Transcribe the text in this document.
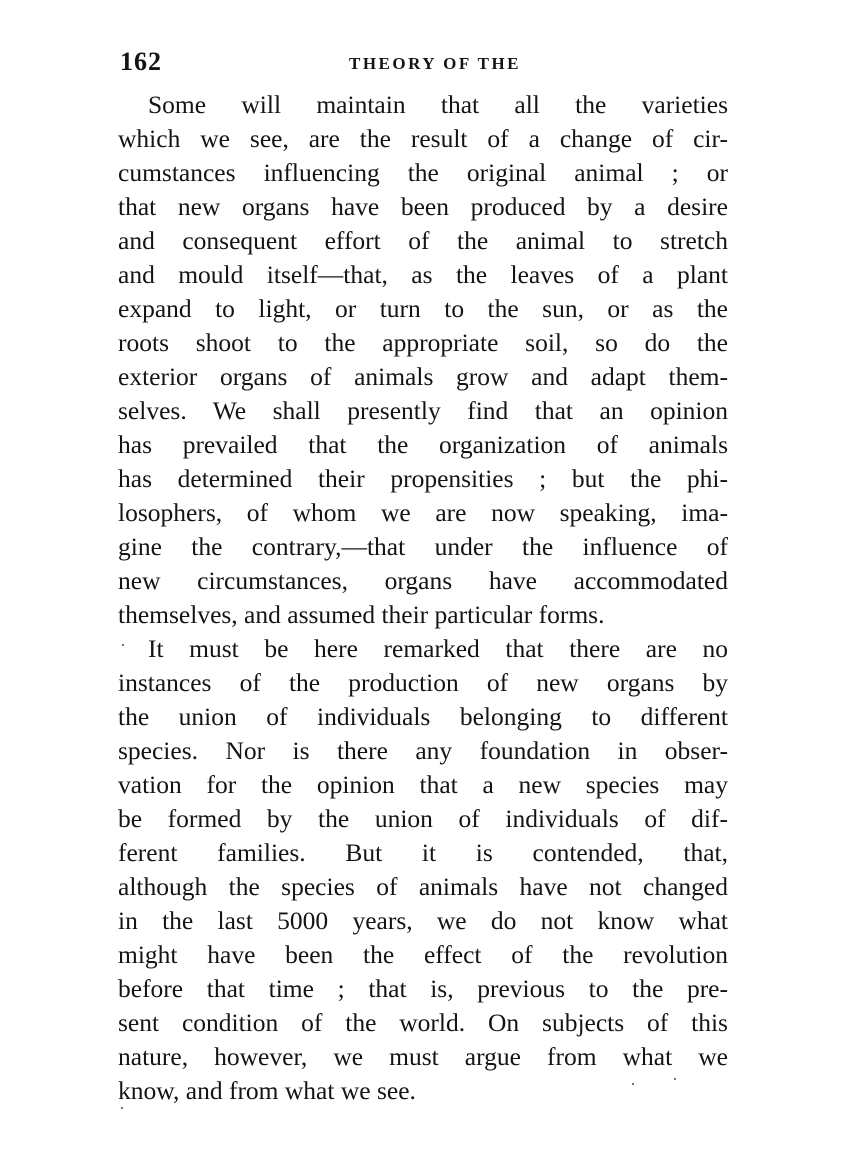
162	THEORY OF THE
Some will maintain that all the varieties
which we see, are the result of a change of cir-
cumstances influencing the original animal ; or
that new organs have been produced by a desire
and consequent effort of the animal to stretch
and mould itself—that, as the leaves of a plant
expand to light, or turn to the sun, or as the
roots shoot to the appropriate soil, so do the
exterior organs of animals grow and adapt them-
selves. We shall presently find that an opinion
has prevailed that the organization of animals
has determined their propensities ; but the phi-
losophers, of whom we are now speaking, ima-
gine the contrary,—that under the influence of
new circumstances, organs have accommodated
themselves, and assumed their particular forms.
It must be here remarked that there are no
instances of the production of new organs by
the union of individuals belonging to different
species. Nor is there any foundation in obser-
vation for the opinion that a new species may
be formed by the union of individuals of dif-
ferent families. But it is contended, that,
although the species of animals have not changed
in the last 5000 years, we do not know what
might have been the effect of the revolution
before that time ; that is, previous to the pre-
sent condition of the world. On subjects of this
nature, however, we must argue from what we
know, and from what we see.
